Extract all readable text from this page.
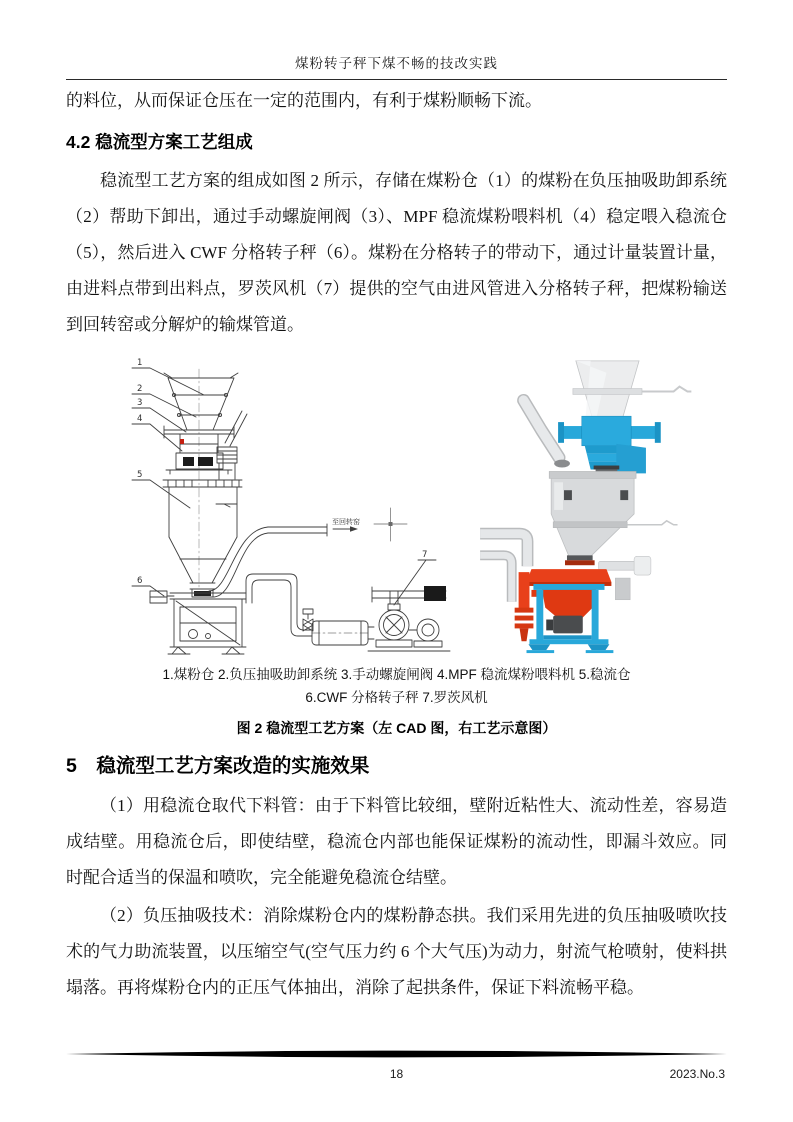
煤粉转子秤下煤不畅的技改实践

的料位，从而保证仓压在一定的范围内，有利于煤粉顺畅下流。

4.2 稳流型方案工艺组成

稳流型工艺方案的组成如图 2 所示，存储在煤粉仓（1）的煤粉在负压抽吸助卸系统（2）帮助下卸出，通过手动螺旋闸阀（3）、MPF 稳流煤粉喂料机（4）稳定喂入稳流仓（5），然后进入 CWF 分格转子秤（6）。煤粉在分格转子的带动下，通过计量装置计量，由进料点带到出料点，罗茨风机（7）提供的空气由进风管进入分格转子秤，把煤粉输送到回转窑或分解炉的输煤管道。

1
2
3
4
5
6
7
至回转窑
1.煤粉仓 2.负压抽吸助卸系统 3.手动螺旋闸阀 4.MPF 稳流煤粉喂料机 5.稳流仓
6.CWF 分格转子秤 7.罗茨风机
图 2 稳流型工艺方案（左 CAD 图，右工艺示意图）
5　稳流型工艺方案改造的实施效果

（1）用稳流仓取代下料管：由于下料管比较细，壁附近粘性大、流动性差，容易造成结壁。用稳流仓后，即使结壁，稳流仓内部也能保证煤粉的流动性，即漏斗效应。同时配合适当的保温和喷吹，完全能避免稳流仓结壁。

（2）负压抽吸技术：消除煤粉仓内的煤粉静态拱。我们采用先进的负压抽吸喷吹技术的气力助流装置，以压缩空气(空气压力约 6 个大气压)为动力，射流气枪喷射，使料拱塌落。再将煤粉仓内的正压气体抽出，消除了起拱条件，保证下料流畅平稳。

18	2023.No.3
